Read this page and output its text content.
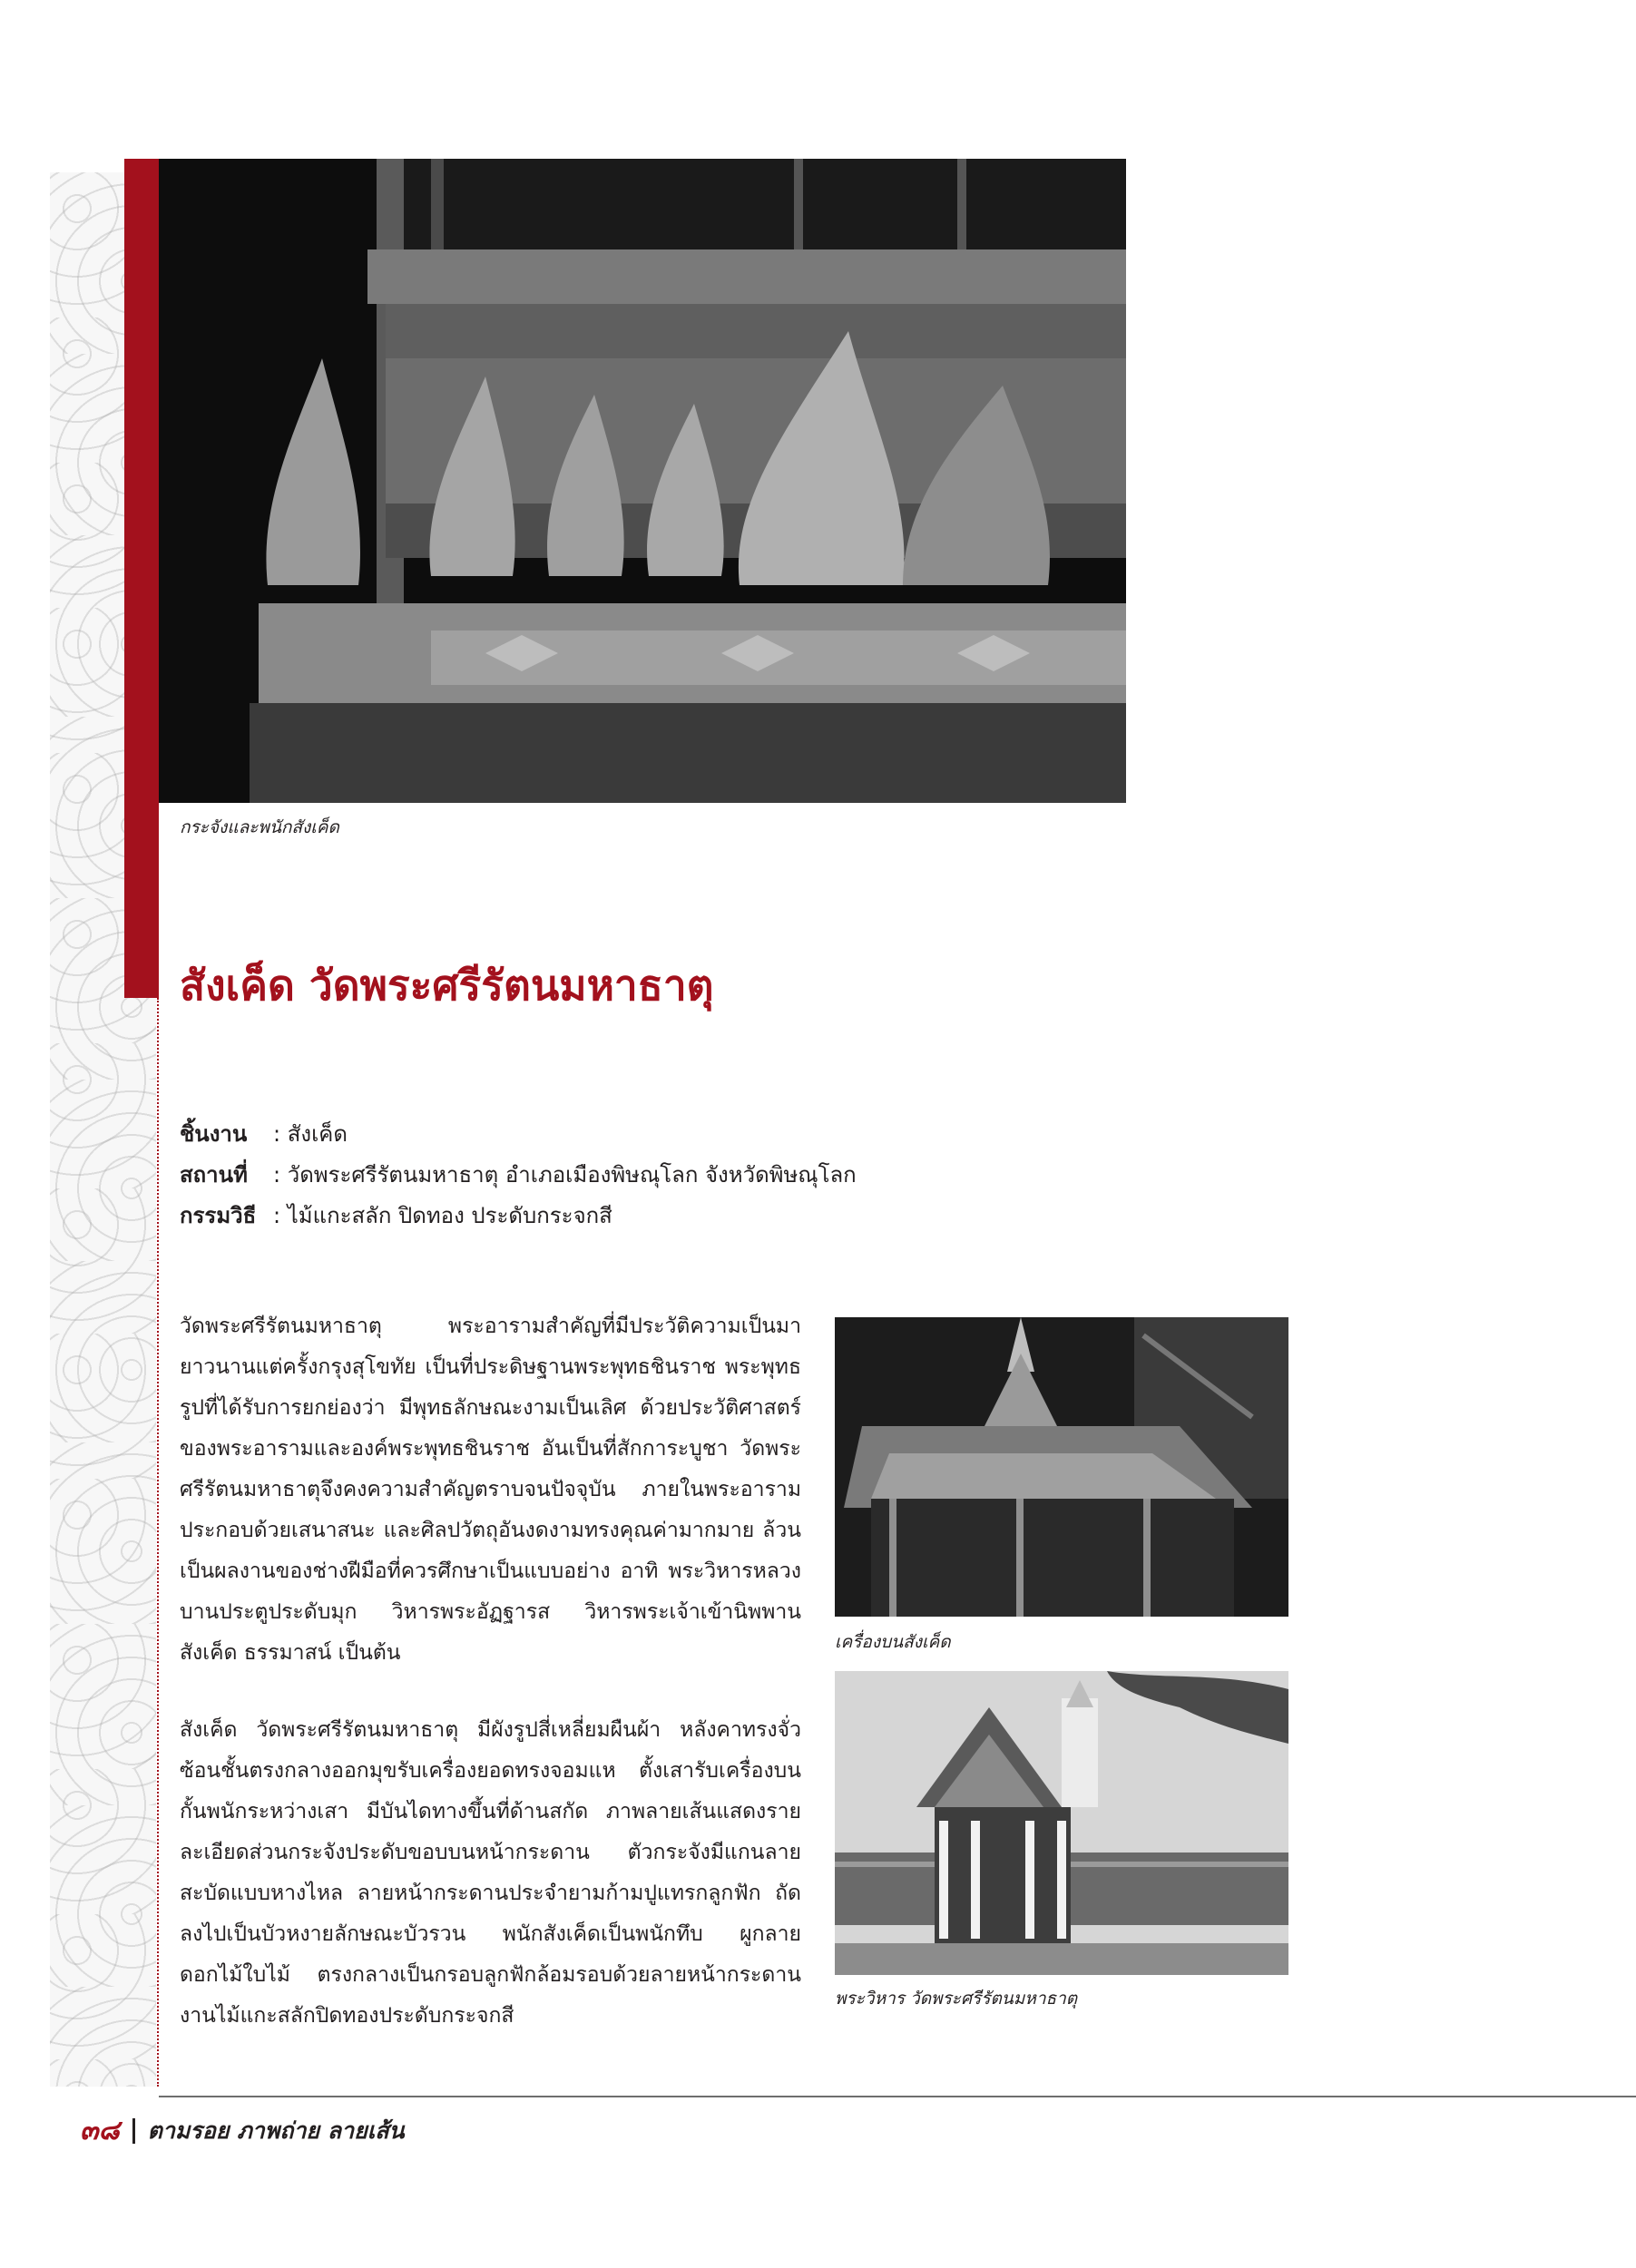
กระจังและพนักสังเค็ด
สังเค็ด วัดพระศรีรัตนมหาธาตุ
ชิ้นงาน	: สังเค็ด
สถานที่	: วัดพระศรีรัตนมหาธาตุ อำเภอเมืองพิษณุโลก จังหวัดพิษณุโลก
กรรมวิธี : ไม้แกะสลัก ปิดทอง ประดับกระจกสี

วัดพระศรีรัตนมหาธาตุ พระอารามสำคัญที่มีประวัติความเป็นมายาวนานแต่ครั้งกรุงสุโขทัย เป็นที่ประดิษฐานพระพุทธชินราช พระพุทธรูปที่ได้รับการยกย่องว่า มีพุทธลักษณะงามเป็นเลิศ ด้วยประวัติศาสตร์ของพระอารามและองค์พระพุทธชินราช อันเป็นที่สักการะบูชา วัดพระศรีรัตนมหาธาตุจึงคงความสำคัญตราบจนปัจจุบัน ภายในพระอารามประกอบด้วยเสนาสนะ และศิลปวัตถุอันงดงามทรงคุณค่ามากมาย ล้วนเป็นผลงานของช่างฝีมือที่ควรศึกษาเป็นแบบอย่าง อาทิ พระวิหารหลวง บานประตูประดับมุก วิหารพระอัฏฐารส วิหารพระเจ้าเข้านิพพาน สังเค็ด ธรรมาสน์ เป็นต้น

สังเค็ด วัดพระศรีรัตนมหาธาตุ มีผังรูปสี่เหลี่ยมผืนผ้า หลังคาทรงจั่วซ้อนชั้นตรงกลางออกมุขรับเครื่องยอดทรงจอมแห ตั้งเสารับเครื่องบน กั้นพนักระหว่างเสา มีบันไดทางขึ้นที่ด้านสกัด ภาพลายเส้นแสดงรายละเอียดส่วนกระจังประดับขอบบนหน้ากระดาน ตัวกระจังมีแกนลายสะบัดแบบหางไหล ลายหน้ากระดานประจำยามก้ามปูแทรกลูกฟัก ถัดลงไปเป็นบัวหงายลักษณะบัวรวน พนักสังเค็ดเป็นพนักทึบ ผูกลายดอกไม้ใบไม้ ตรงกลางเป็นกรอบลูกฟักล้อมรอบด้วยลายหน้ากระดาน งานไม้แกะสลักปิดทองประดับกระจกสี

เครื่องบนสังเค็ด
พระวิหาร วัดพระศรีรัตนมหาธาตุ
๓๘ ตามรอย ภาพถ่าย ลายเส้น
